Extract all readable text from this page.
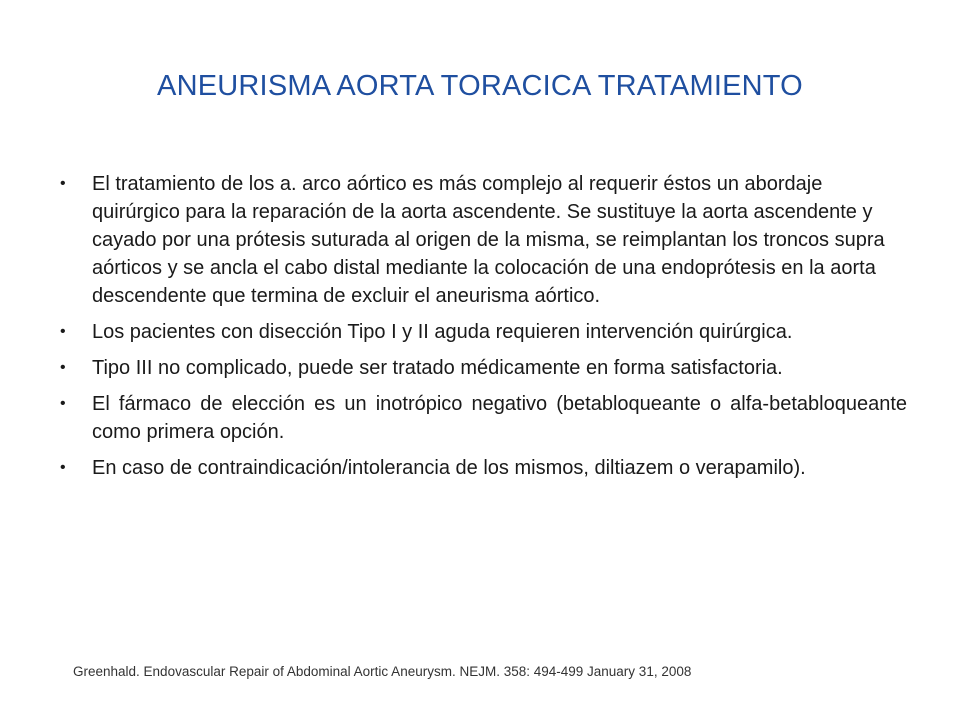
ANEURISMA AORTA TORACICA TRATAMIENTO
• El tratamiento de los a. arco aórtico es más complejo al requerir éstos un abordaje quirúrgico para la reparación de la aorta ascendente. Se sustituye la aorta ascendente y cayado por una prótesis suturada al origen de la misma, se reimplantan los troncos supra aórticos y se ancla el cabo distal mediante la colocación de una endoprótesis en la aorta descendente que termina de excluir el aneurisma aórtico.
• Los pacientes con disección Tipo I y II aguda requieren intervención quirúrgica.
• Tipo III no complicado, puede ser tratado médicamente en forma satisfactoria.
• El fármaco de elección es un inotrópico negativo (betabloqueante o alfa-betabloqueante como primera opción.
• En caso de contraindicación/intolerancia de los mismos, diltiazem o verapamilo).
Greenhald. Endovascular Repair of Abdominal Aortic Aneurysm. NEJM. 358: 494-499 January 31, 2008
